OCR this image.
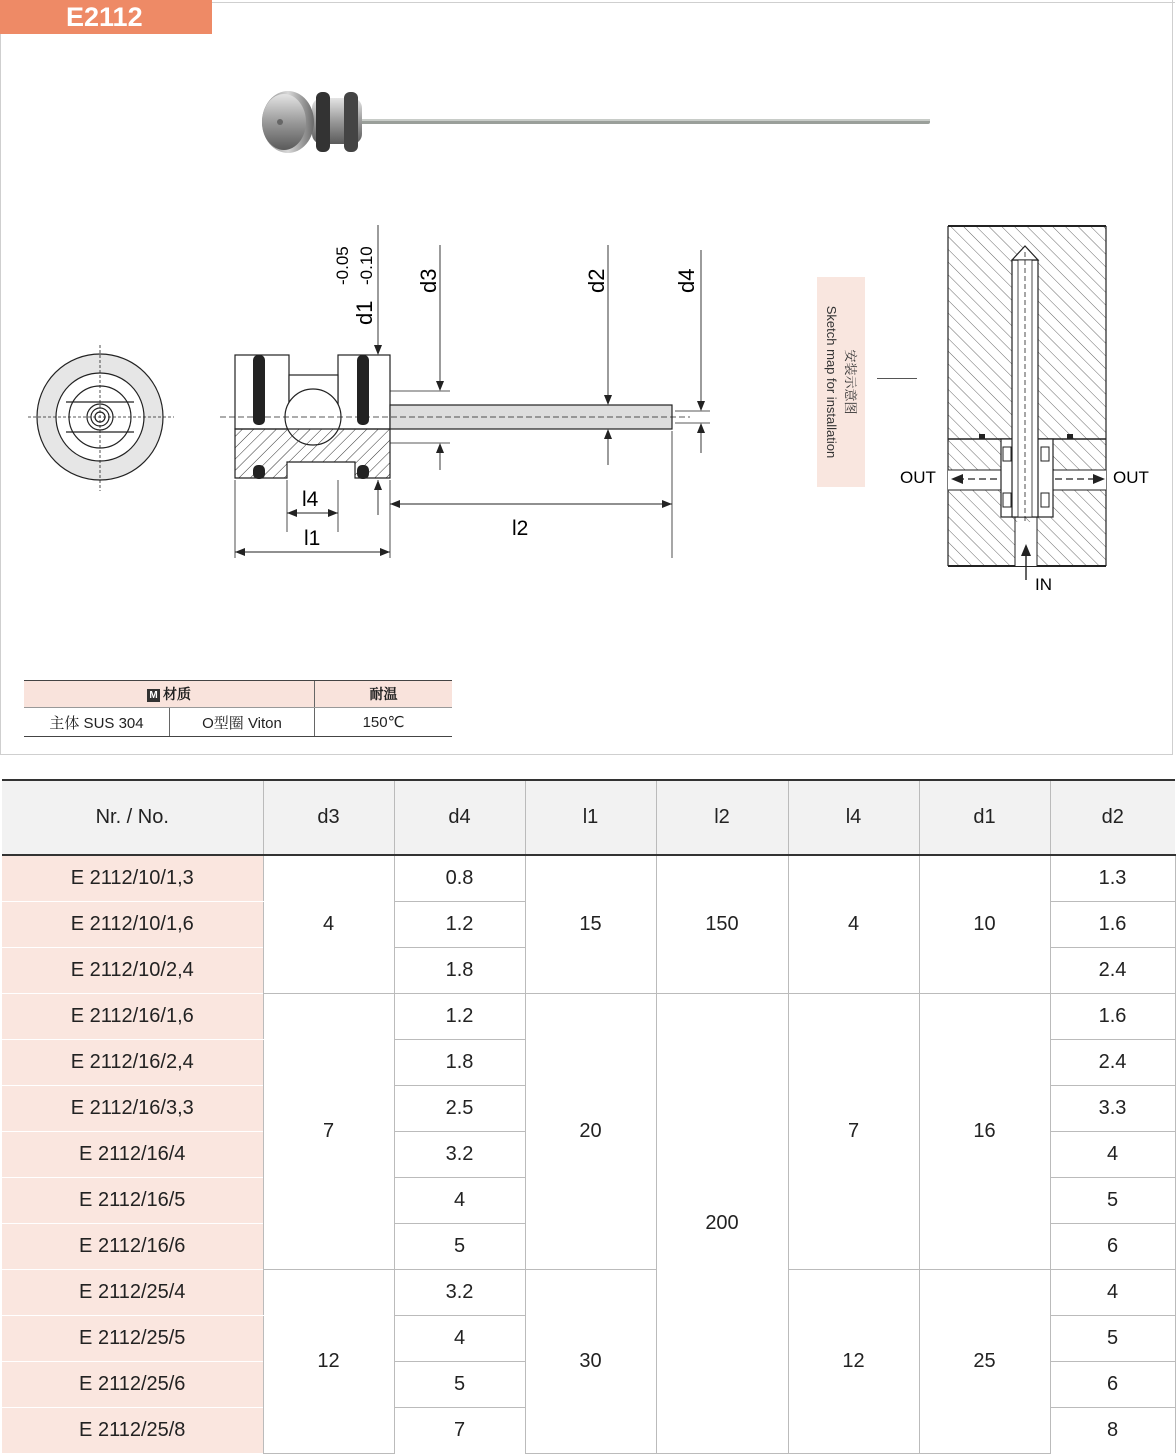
E2112
d1
-0.05 -0.10 d3	d2	d4
l4
l1	l2
安装示意图
Sketch map for installation
OUT	OUT
IN
M 材质		耐温
主体 SUS 304	O型圈 Viton	150℃
Nr. / No.	d3	d4	l1	l2	l4	d1	d2
E 2112/10/1,3	4	0.8	15	150	4	10	1.3
E 2112/10/1,6		1.2					1.6
E 2112/10/2,4		1.8					2.4
E 2112/16/1,6	7	1.2	20	200	7	16	1.6
E 2112/16/2,4		1.8					2.4
E 2112/16/3,3		2.5					3.3
E 2112/16/4		3.2					4
E 2112/16/5		4					5
E 2112/16/6		5					6
E 2112/25/4	12	3.2	30		12	25	4
E 2112/25/5		4					5
E 2112/25/6		5					6
E 2112/25/8		7					8
